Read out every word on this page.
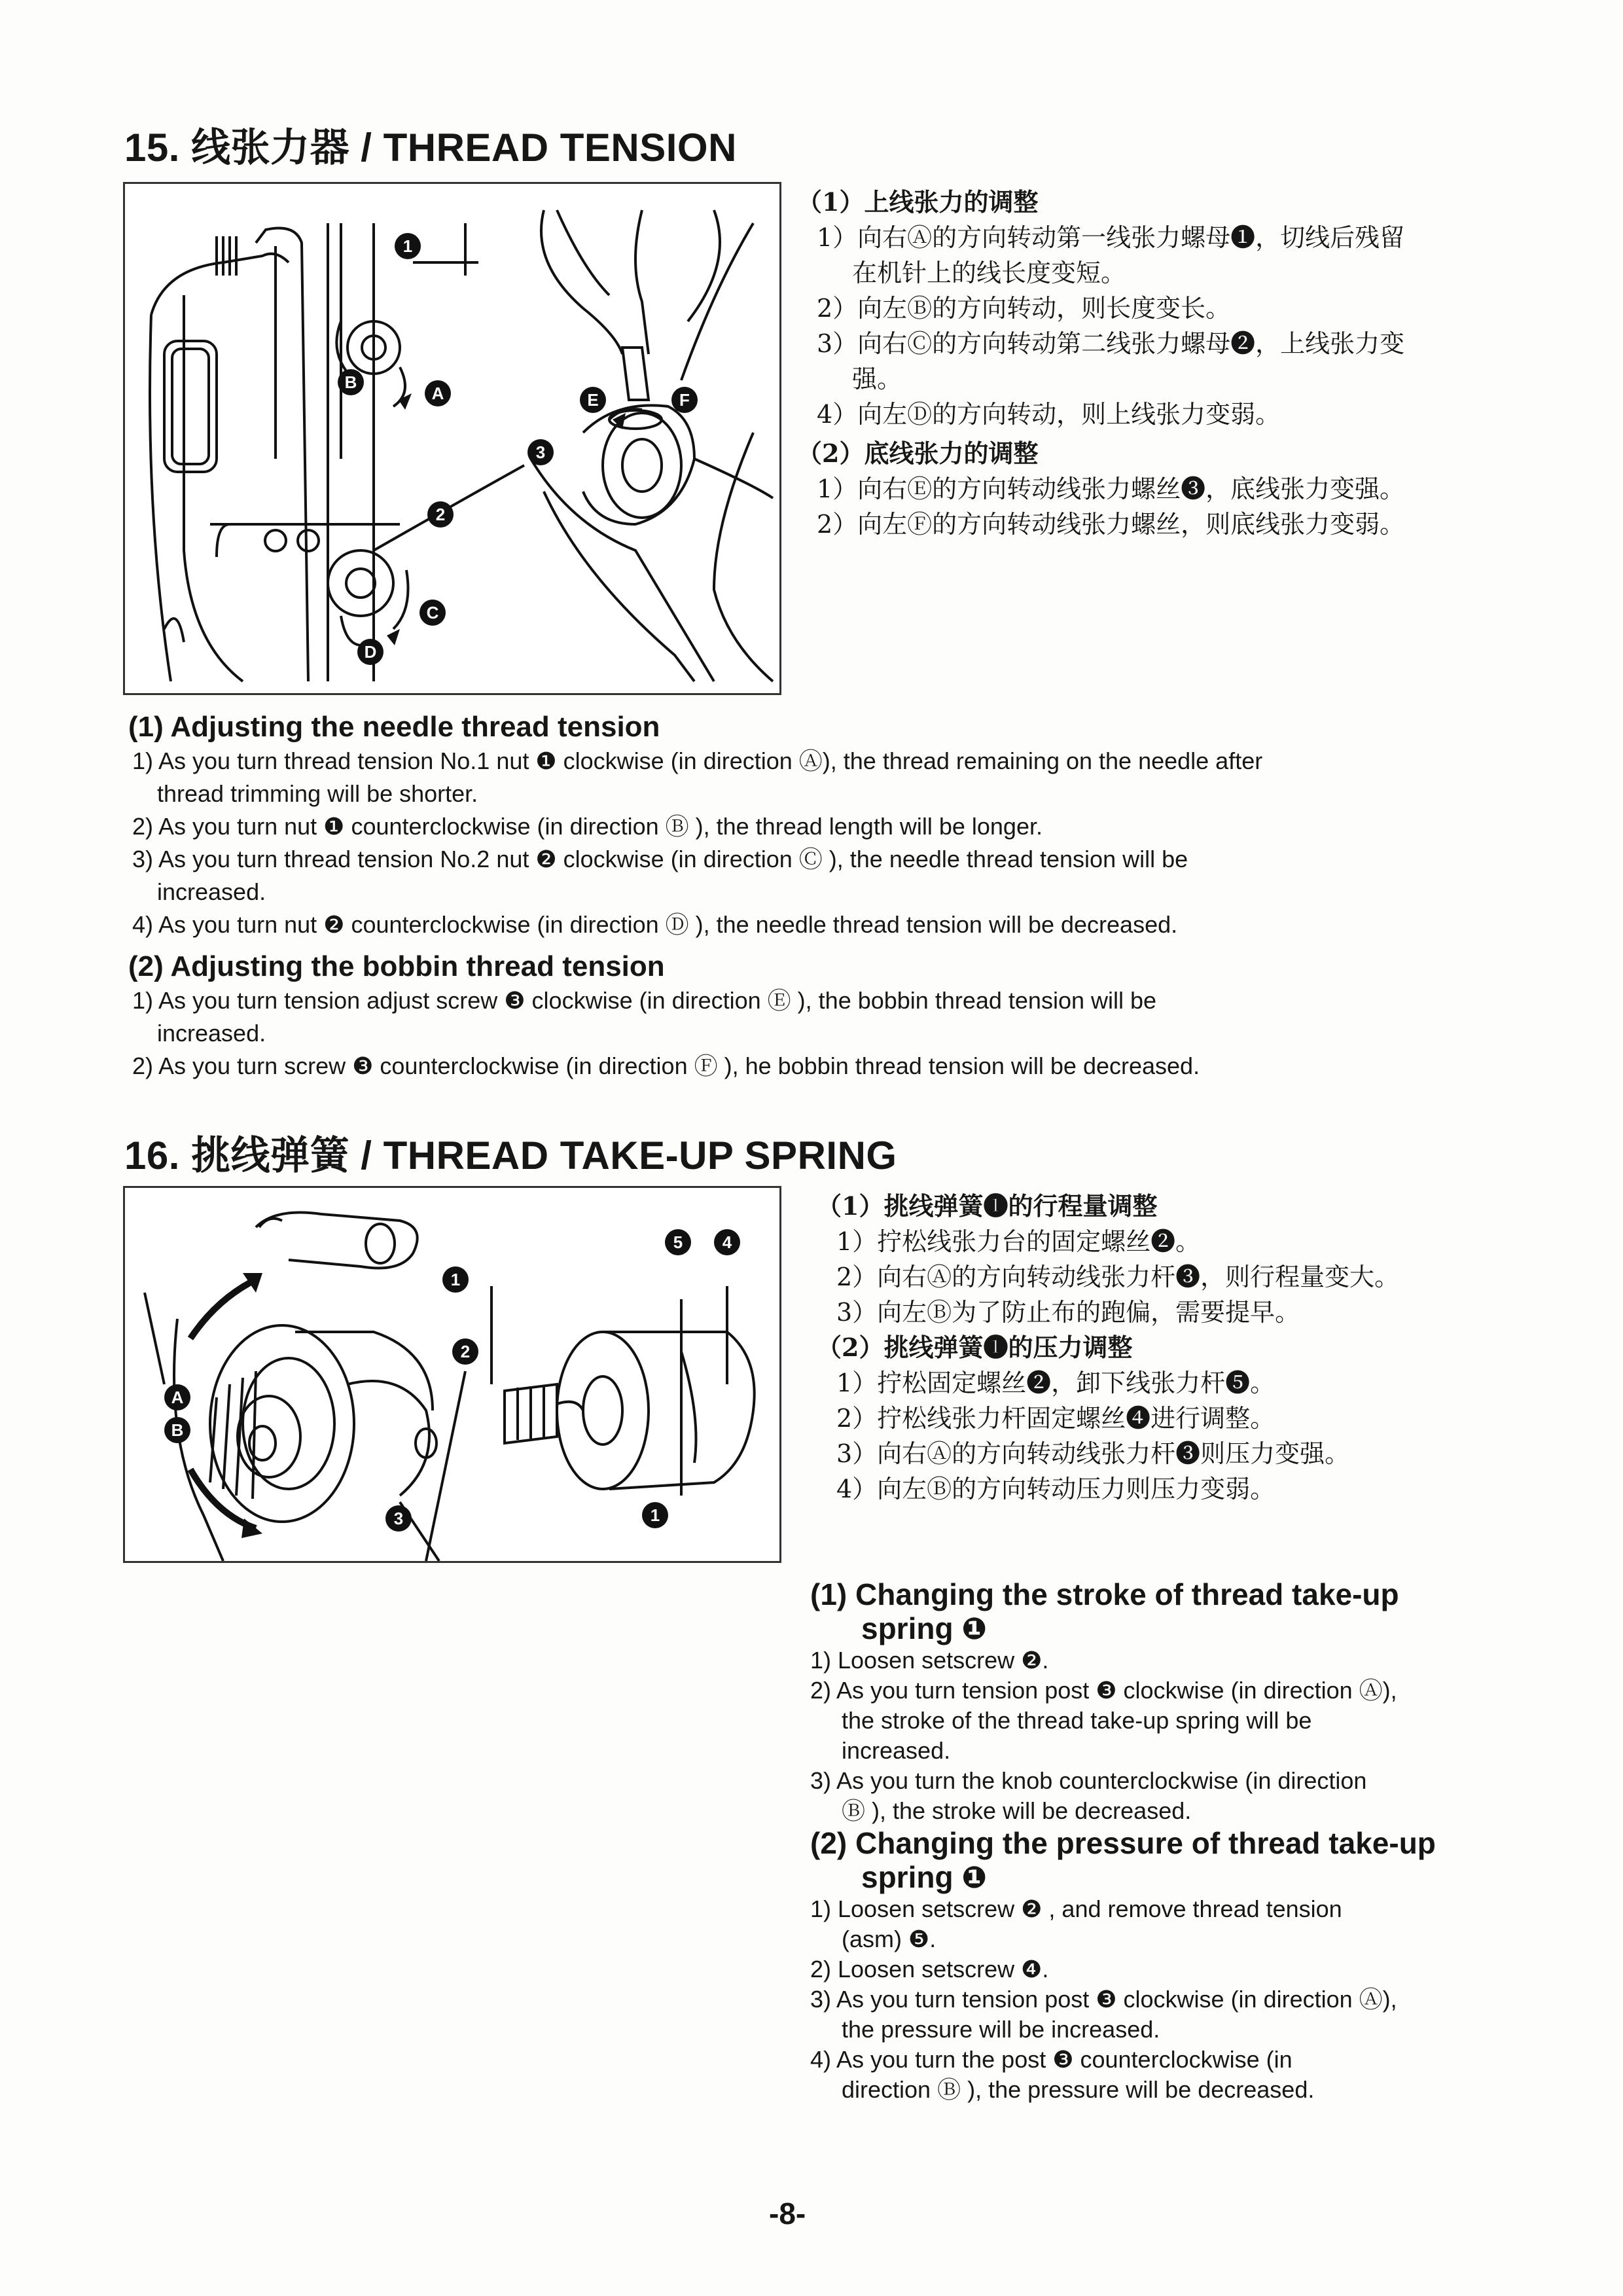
15. 线张力器 / THREAD TENSION
1
2
3
A
B
C
D
E	F
（1）上线张力的调整
1）向右Ⓐ的方向转动第一线张力螺母❶，切线后残留
在机针上的线长度变短。
2）向左Ⓑ的方向转动，则长度变长。
3）向右Ⓒ的方向转动第二线张力螺母❷，上线张力变
强。
4）向左Ⓓ的方向转动，则上线张力变弱。
（2）底线张力的调整
1）向右Ⓔ的方向转动线张力螺丝❸，底线张力变强。
2）向左Ⓕ的方向转动线张力螺丝，则底线张力变弱。
(1) Adjusting the needle thread tension
1) As you turn thread tension No.1 nut ❶ clockwise (in direction Ⓐ), the thread remaining on the needle after
thread trimming will be shorter.
2) As you turn nut ❶ counterclockwise (in direction Ⓑ ), the thread length will be longer.
3) As you turn thread tension No.2 nut ❷ clockwise (in direction Ⓒ ), the needle thread tension will be
increased.
4) As you turn nut ❷ counterclockwise (in direction Ⓓ ), the needle thread tension will be decreased.
(2) Adjusting the bobbin thread tension
1) As you turn tension adjust screw ❸ clockwise (in direction Ⓔ ), the bobbin thread tension will be
increased.
2) As you turn screw ❸ counterclockwise (in direction Ⓕ ), he bobbin thread tension will be decreased.
16. 挑线弹簧 / THREAD TAKE-UP SPRING
1
1
2
3
4
5
A
B
（1）挑线弹簧❶的行程量调整
1）拧松线张力台的固定螺丝❷。
2）向右Ⓐ的方向转动线张力杆❸，则行程量变大。
3）向左Ⓑ为了防止布的跑偏，需要提早。
（2）挑线弹簧❶的压力调整
1）拧松固定螺丝❷，卸下线张力杆❺。
2）拧松线张力杆固定螺丝❹进行调整。
3）向右Ⓐ的方向转动线张力杆❸则压力变强。
4）向左Ⓑ的方向转动压力则压力变弱。
(1) Changing the stroke of thread take-up
spring ❶
1) Loosen setscrew ❷.
2) As you turn tension post ❸ clockwise (in direction Ⓐ),
the stroke of the thread take-up spring will be
increased.
3) As you turn the knob counterclockwise (in direction
Ⓑ ), the stroke will be decreased.
(2) Changing the pressure of thread take-up
spring ❶
1) Loosen setscrew ❷ , and remove thread tension
(asm) ❺.
2) Loosen setscrew ❹.
3) As you turn tension post ❸ clockwise (in direction Ⓐ),
the pressure will be increased.
4) As you turn the post ❸ counterclockwise (in
direction Ⓑ ), the pressure will be decreased.
-8-
